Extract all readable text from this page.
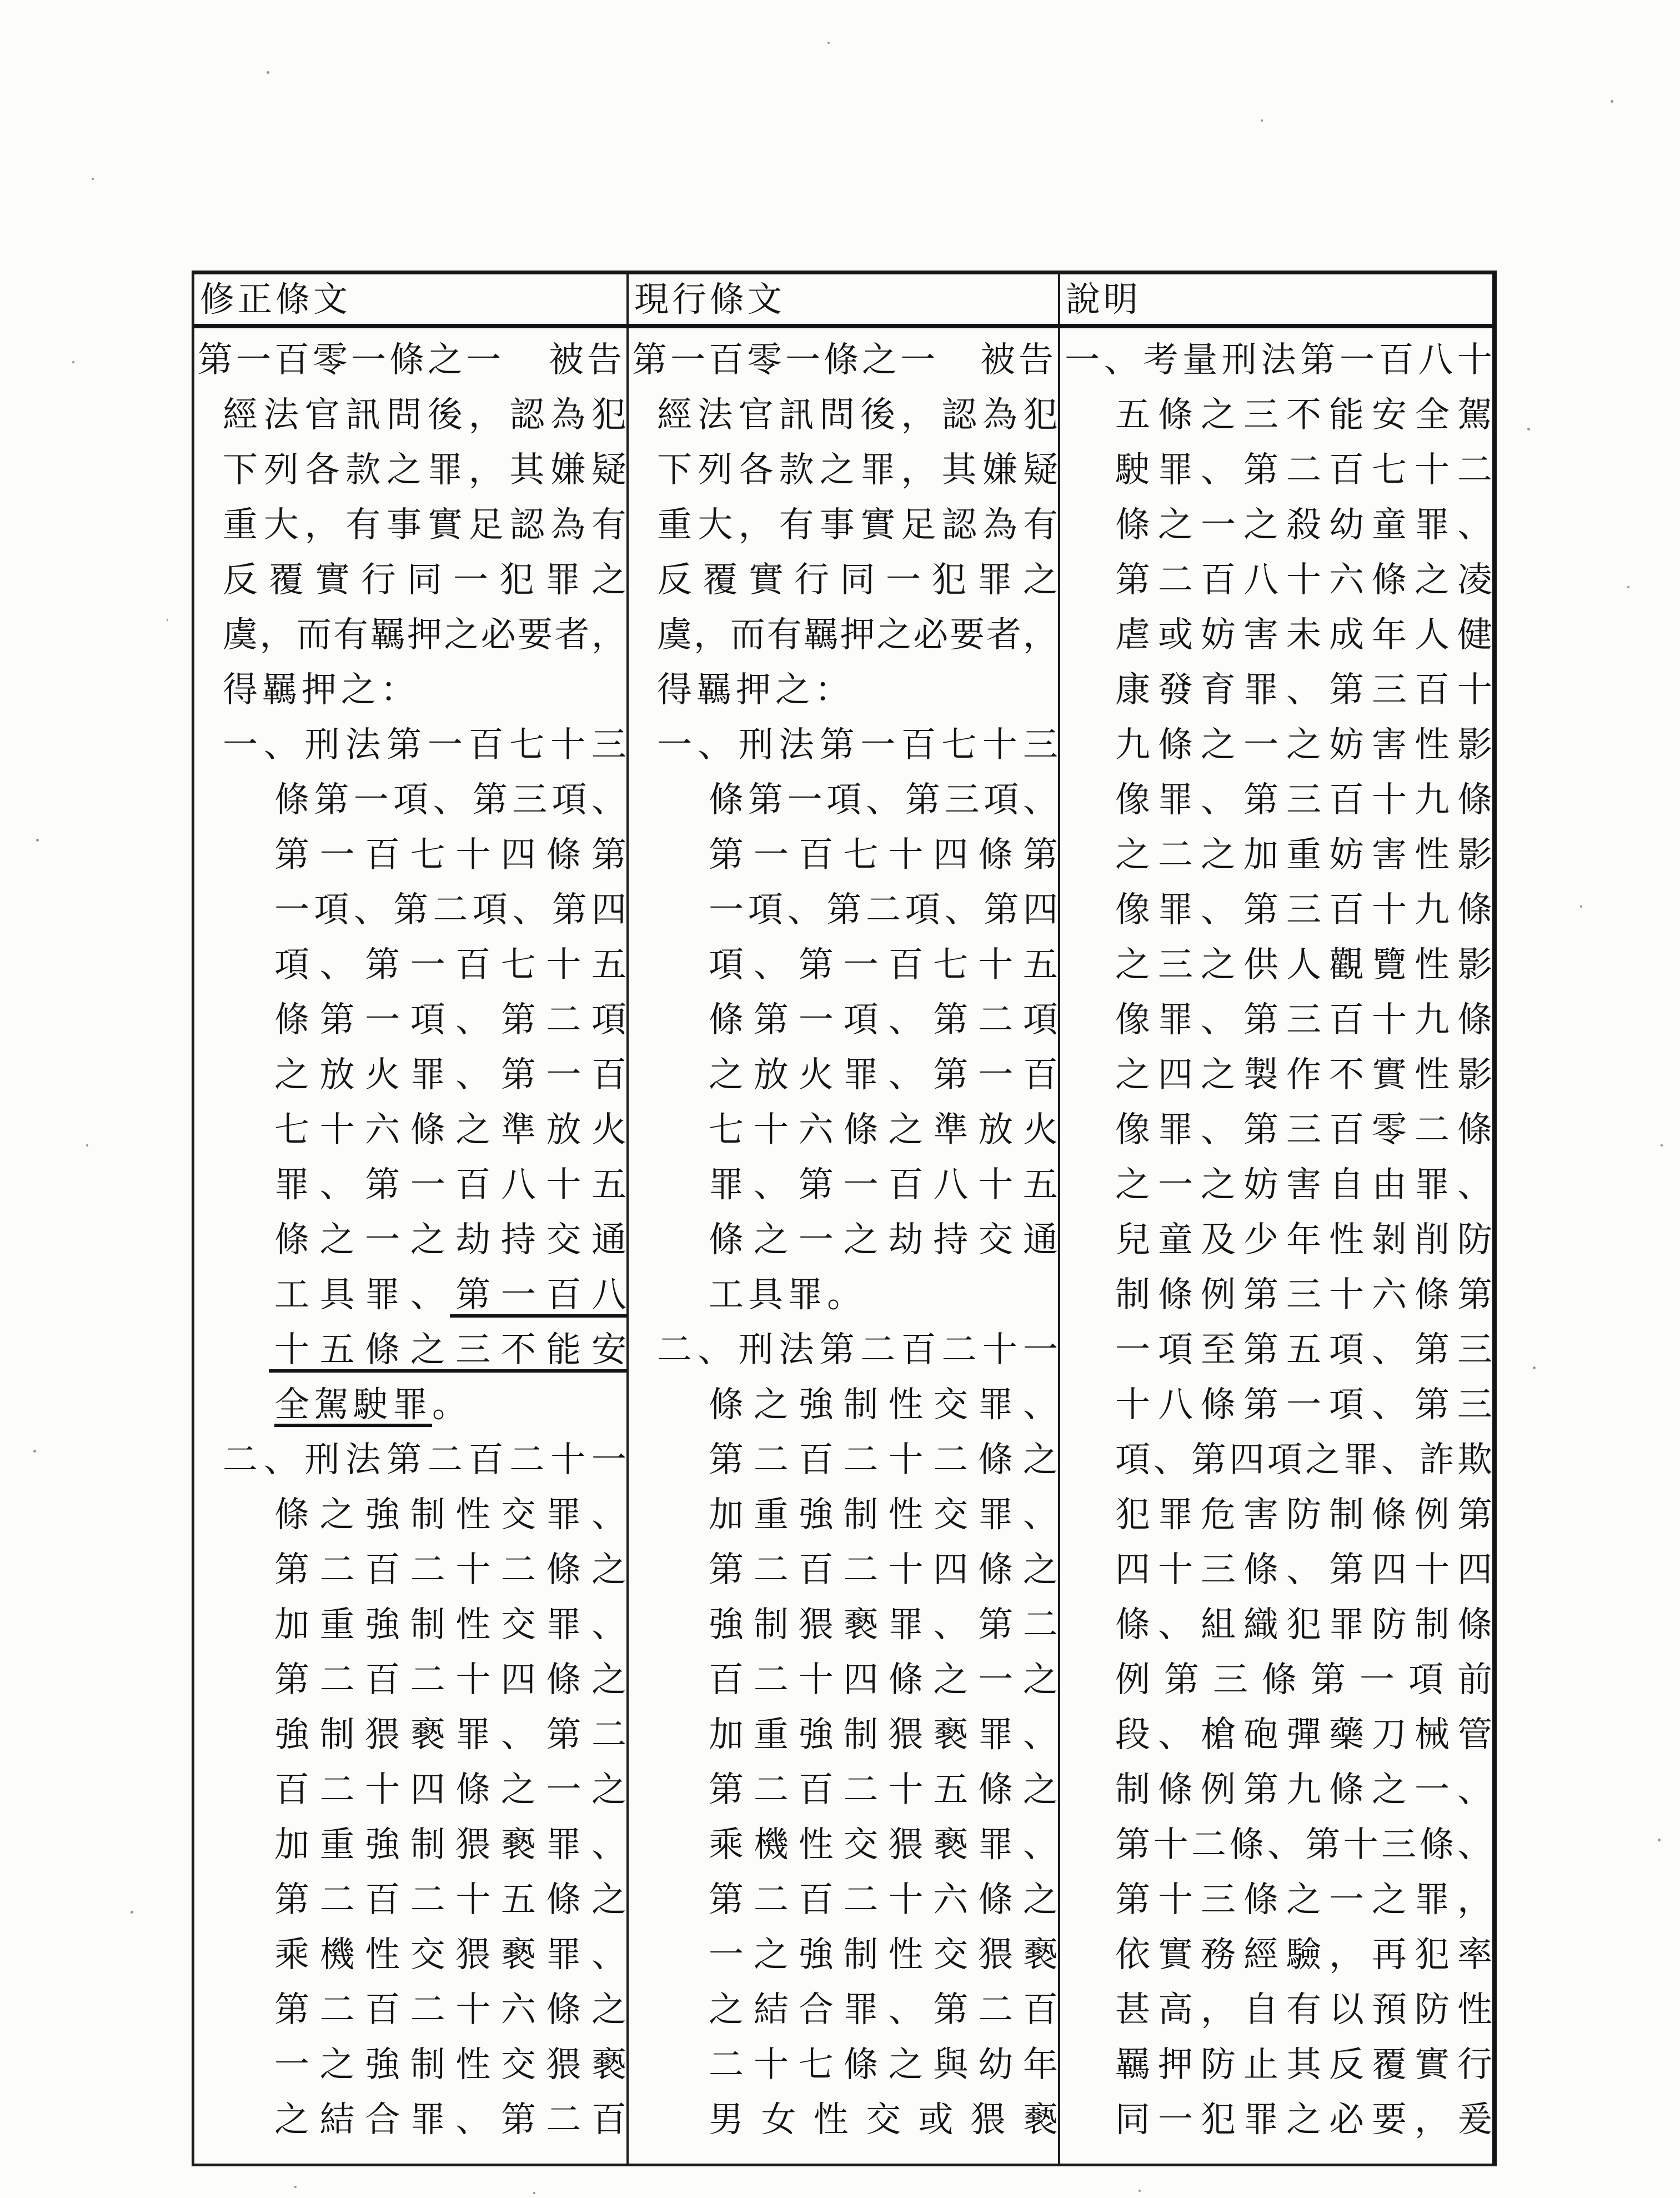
修正條文	現行條文	說明
第一百零一條之一 被告
經 法 官 訊 問 後 ， 認 為 犯
下 列 各 款 之 罪 ， 其 嫌 疑
重 大 ， 有 事 實 足 認 為 有
反 覆 實 行 同 一 犯 罪 之
虞 ， 而 有 羈 押 之 必 要 者 ，
得羈押之：
一 、 刑 法 第 一 百 七 十 三
條 第 一 項 、 第 三 項 、
第 一 百 七 十 四 條 第
一 項 、 第 二 項 、 第 四
項 、 第 一 百 七 十 五
條 第 一 項 、 第 二 項
之 放 火 罪 、 第 一 百
七 十 六 條 之 準 放 火
罪 、 第 一 百 八 十 五
條 之 一 之 劫 持 交 通
工 具 罪 、 第 一 百 八
十 五 條 之 三 不 能 安
全駕駛罪。
二 、 刑 法 第 二 百 二 十 一
條 之 強 制 性 交 罪 、
第 二 百 二 十 二 條 之
加 重 強 制 性 交 罪 、
第 二 百 二 十 四 條 之
強 制 猥 褻 罪 、 第 二
百 二 十 四 條 之 一 之
加 重 強 制 猥 褻 罪 、
第 二 百 二 十 五 條 之
乘 機 性 交 猥 褻 罪 、
第 二 百 二 十 六 條 之
一 之 強 制 性 交 猥 褻
之 結 合 罪 、 第 二 百
第一百零一條之一 被告
經 法 官 訊 問 後 ， 認 為 犯
下 列 各 款 之 罪 ， 其 嫌 疑
重 大 ， 有 事 實 足 認 為 有
反 覆 實 行 同 一 犯 罪 之
虞 ， 而 有 羈 押 之 必 要 者 ，
得羈押之：
一 、 刑 法 第 一 百 七 十 三
條 第 一 項 、 第 三 項 、
第 一 百 七 十 四 條 第
一 項 、 第 二 項 、 第 四
項 、 第 一 百 七 十 五
條 第 一 項 、 第 二 項
之 放 火 罪 、 第 一 百
七 十 六 條 之 準 放 火
罪 、 第 一 百 八 十 五
條 之 一 之 劫 持 交 通
工具罪。
二 、 刑 法 第 二 百 二 十 一
條 之 強 制 性 交 罪 、
第 二 百 二 十 二 條 之
加 重 強 制 性 交 罪 、
第 二 百 二 十 四 條 之
強 制 猥 褻 罪 、 第 二
百 二 十 四 條 之 一 之
加 重 強 制 猥 褻 罪 、
第 二 百 二 十 五 條 之
乘 機 性 交 猥 褻 罪 、
第 二 百 二 十 六 條 之
一 之 強 制 性 交 猥 褻
之 結 合 罪 、 第 二 百
二 十 七 條 之 與 幼 年
男 女 性 交 或 猥 褻
一 、 考 量 刑 法 第 一 百 八 十
五 條 之 三 不 能 安 全 駕
駛 罪 、 第 二 百 七 十 二
條 之 一 之 殺 幼 童 罪 、
第 二 百 八 十 六 條 之 凌
虐 或 妨 害 未 成 年 人 健
康 發 育 罪 、 第 三 百 十
九 條 之 一 之 妨 害 性 影
像 罪 、 第 三 百 十 九 條
之 二 之 加 重 妨 害 性 影
像 罪 、 第 三 百 十 九 條
之 三 之 供 人 觀 覽 性 影
像 罪 、 第 三 百 十 九 條
之 四 之 製 作 不 實 性 影
像 罪 、 第 三 百 零 二 條
之 一 之 妨 害 自 由 罪 、
兒 童 及 少 年 性 剝 削 防
制 條 例 第 三 十 六 條 第
一 項 至 第 五 項 、 第 三
十 八 條 第 一 項 、 第 三
項 、 第 四 項 之 罪 、 詐 欺
犯 罪 危 害 防 制 條 例 第
四 十 三 條 、 第 四 十 四
條 、 組 織 犯 罪 防 制 條
例 第 三 條 第 一 項 前
段 、 槍 砲 彈 藥 刀 械 管
制 條 例 第 九 條 之 一 、
第 十 二 條 、 第 十 三 條 、
第 十 三 條 之 一 之 罪 ，
依 實 務 經 驗 ， 再 犯 率
甚 高 ， 自 有 以 預 防 性
羈 押 防 止 其 反 覆 實 行
同 一 犯 罪 之 必 要 ， 爰
